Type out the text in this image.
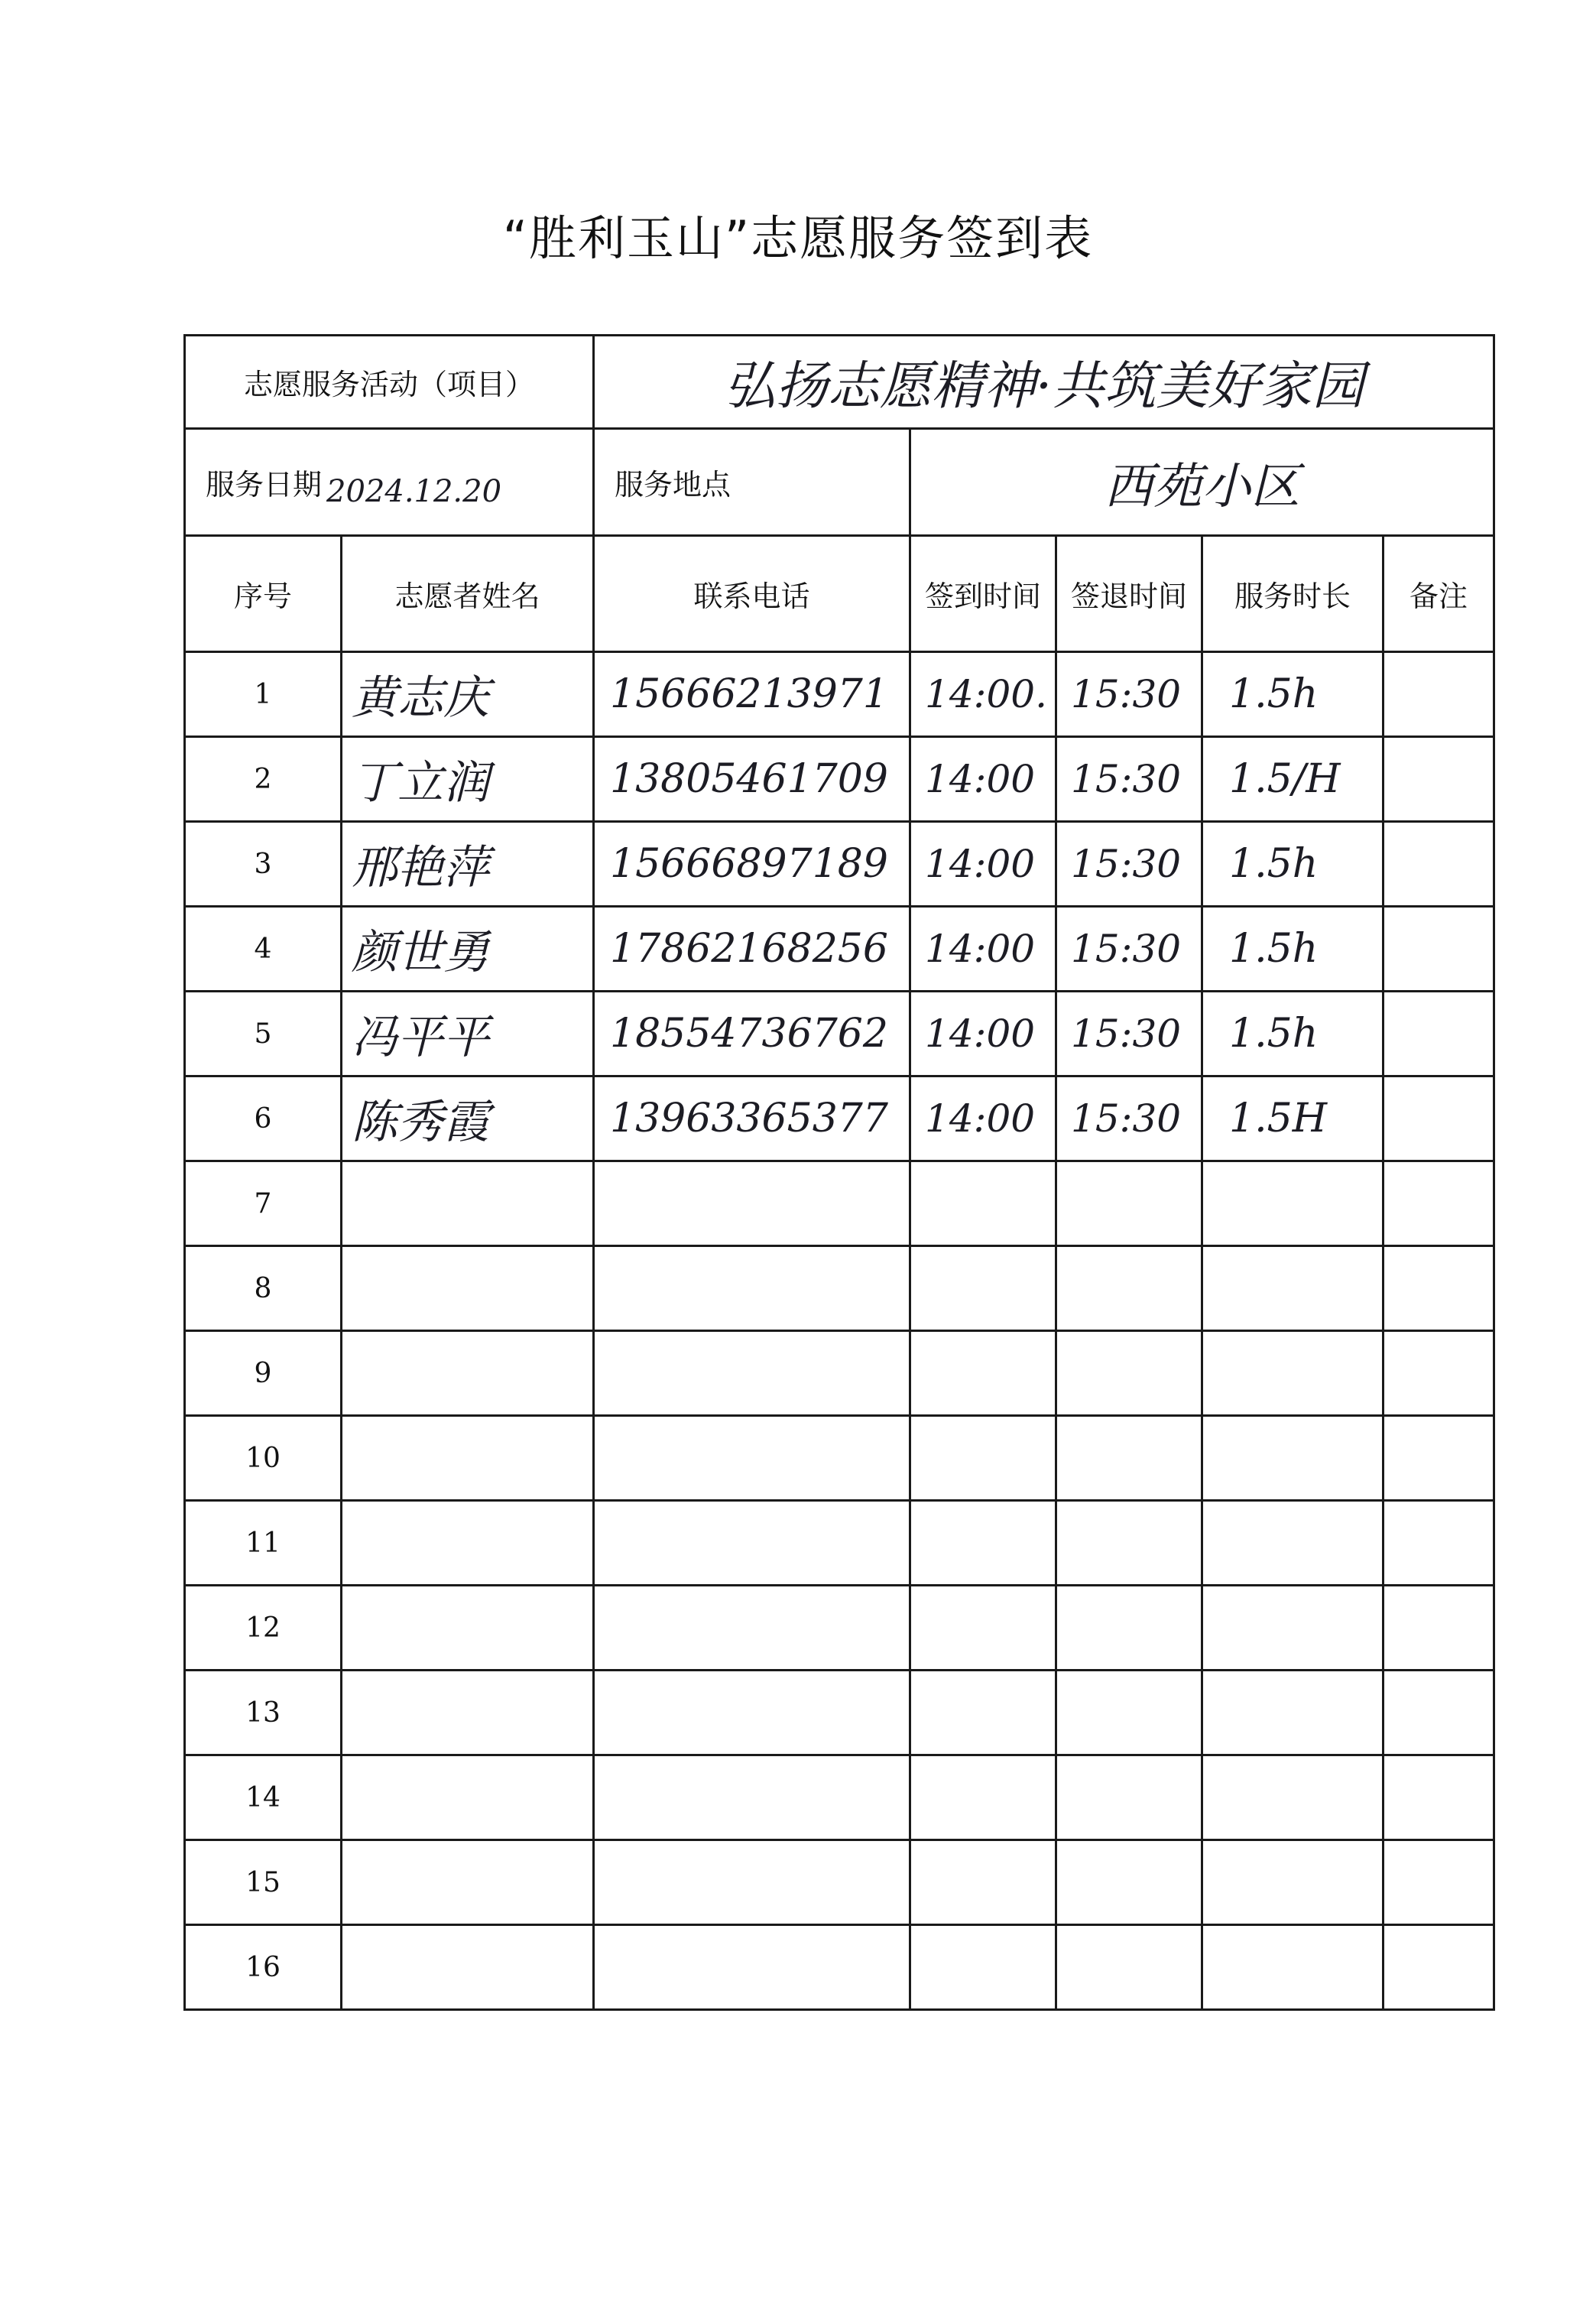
“胜利玉山”志愿服务签到表
志愿服务活动（项目）		弘扬志愿精神·共筑美好家园				

服务日期 2024.12.20		服务地点	西苑小区			
序号	志愿者姓名	联系电话	签到时间	签退时间	服务时长	备注
1	黄志庆	15666213971	14:00.	15:30	1.5h	
2	丁立润	13805461709	14:00	15:30	1.5/H	
3	邢艳萍	15666897189	14:00	15:30	1.5h	
4	颜世勇	17862168256	14:00	15:30	1.5h	
5	冯平平	18554736762	14:00	15:30	1.5h	
6	陈秀霞	13963365377	14:00	15:30	1.5H	
7						
8						
9						
10						
11						
12						
13						
14						
15						
16						
